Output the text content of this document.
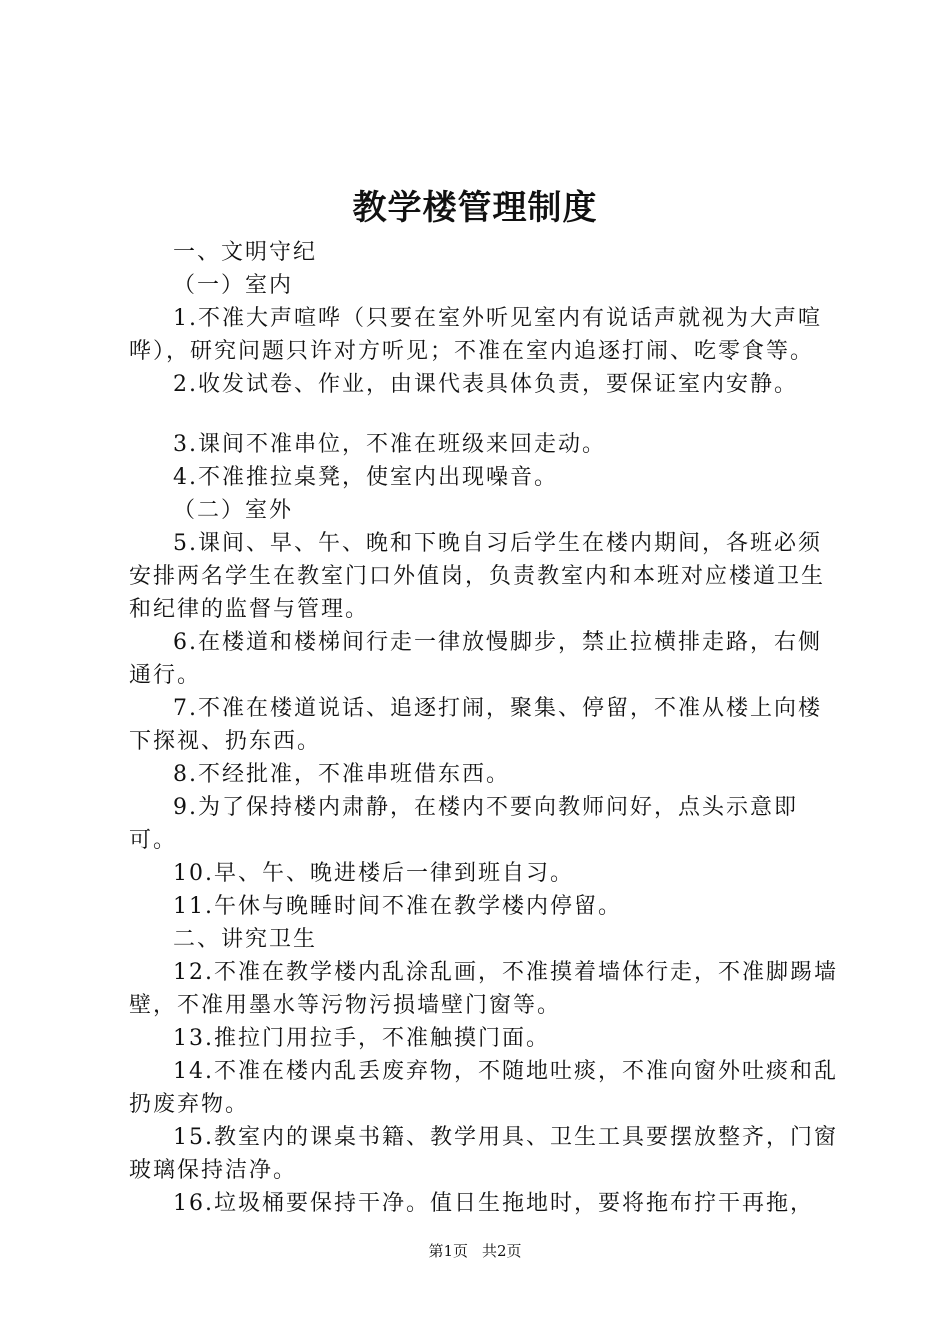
教学楼管理制度

一、文明守纪

（一）室内

1.不准大声喧哗（只要在室外听见室内有说话声就视为大声喧哗），研究问题只许对方听见；不准在室内追逐打闹、吃零食等。

2.收发试卷、作业，由课代表具体负责，要保证室内安静。

3.课间不准串位，不准在班级来回走动。

4.不准推拉桌凳，使室内出现噪音。

（二）室外

5.课间、早、午、晚和下晚自习后学生在楼内期间，各班必须安排两名学生在教室门口外值岗，负责教室内和本班对应楼道卫生和纪律的监督与管理。

6.在楼道和楼梯间行走一律放慢脚步，禁止拉横排走路，右侧通行。

7.不准在楼道说话、追逐打闹，聚集、停留，不准从楼上向楼下探视、扔东西。

8.不经批准，不准串班借东西。

9.为了保持楼内肃静，在楼内不要向教师问好，点头示意即可。

10.早、午、晚进楼后一律到班自习。

11.午休与晚睡时间不准在教学楼内停留。

二、讲究卫生

12.不准在教学楼内乱涂乱画，不准摸着墙体行走，不准脚踢墙壁，不准用墨水等污物污损墙壁门窗等。

13.推拉门用拉手，不准触摸门面。

14.不准在楼内乱丢废弃物，不随地吐痰，不准向窗外吐痰和乱扔废弃物。

15.教室内的课桌书籍、教学用具、卫生工具要摆放整齐，门窗玻璃保持洁净。

16.垃圾桶要保持干净。值日生拖地时，要将拖布拧干再拖，

第1页 共2页
